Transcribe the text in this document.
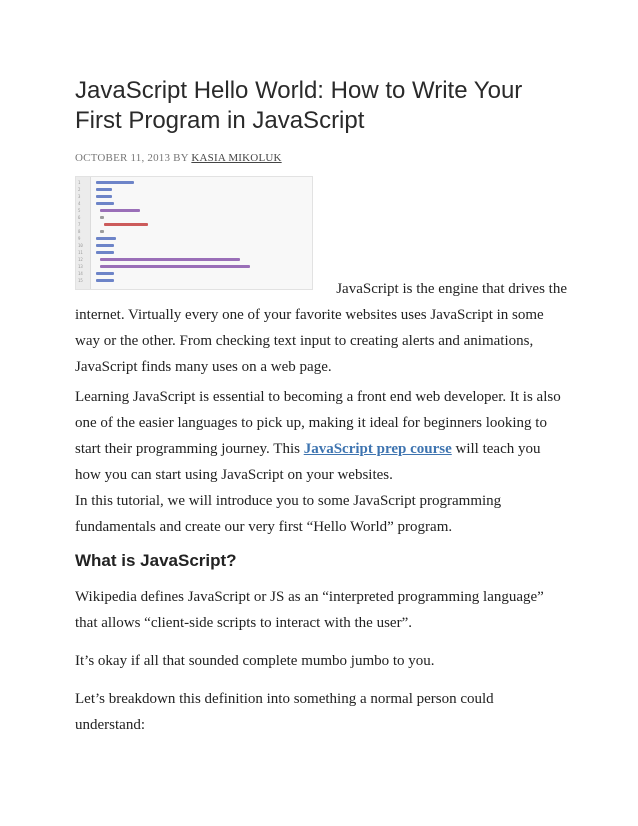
JavaScript Hello World: How to Write Your First Program in JavaScript
OCTOBER 11, 2013 BY KASIA MIKOLUK
1
2
3
4
5
6
7
8
9
10
11
12
13
14
15

JavaScript is the engine that drives the
internet. Virtually every one of your favorite websites uses JavaScript in some way or the other. From checking text input to creating alerts and animations, JavaScript finds many uses on a web page.

Learning JavaScript is essential to becoming a front end web developer. It is also one of the easier languages to pick up, making it ideal for beginners looking to start their programming journey. This JavaScript prep course will teach you how you can start using JavaScript on your websites.

In this tutorial, we will introduce you to some JavaScript programming fundamentals and create our very first “Hello World” program.

What is JavaScript?

Wikipedia defines JavaScript or JS as an “interpreted programming language” that allows “client-side scripts to interact with the user”.

It’s okay if all that sounded complete mumbo jumbo to you.

Let’s breakdown this definition into something a normal person could understand:
